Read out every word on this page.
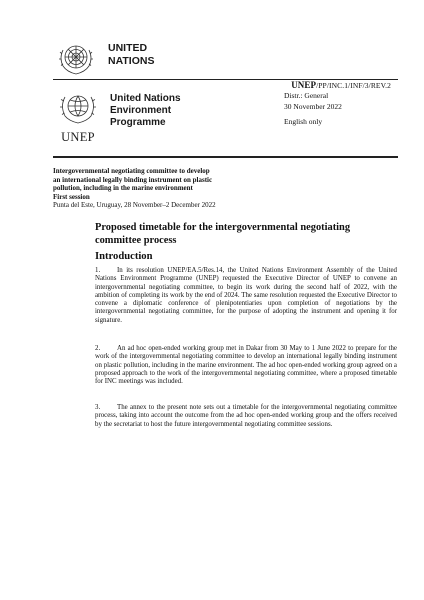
UNITED
NATIONS
UNEP/PP/INC.1/INF/3/REV.2
UNEP
United Nations
Environment
Programme
Distr.: General
30 November 2022
English only
Intergovernmental negotiating committee to develop
an international legally binding instrument on plastic
pollution, including in the marine environment
First session
Punta del Este, Uruguay, 28 November–2 December 2022
Proposed timetable for the intergovernmental negotiating
committee process
Introduction
1. In its resolution UNEP/EA.5/Res.14, the United Nations Environment Assembly of the United Nations Environment Programme (UNEP) requested the Executive Director of UNEP to convene an intergovernmental negotiating committee, to begin its work during the second half of 2022, with the ambition of completing its work by the end of 2024. The same resolution requested the Executive Director to convene a diplomatic conference of plenipotentiaries upon completion of negotiations by the intergovernmental negotiating committee, for the purpose of adopting the instrument and opening it for signature.
2. An ad hoc open-ended working group met in Dakar from 30 May to 1 June 2022 to prepare for the work of the intergovernmental negotiating committee to develop an international legally binding instrument on plastic pollution, including in the marine environment. The ad hoc open-ended working group agreed on a proposed approach to the work of the intergovernmental negotiating committee, where a proposed timetable for INC meetings was included.
3. The annex to the present note sets out a timetable for the intergovernmental negotiating committee process, taking into account the outcome from the ad hoc open-ended working group and the offers received by the secretariat to host the future intergovernmental negotiating committee sessions.
